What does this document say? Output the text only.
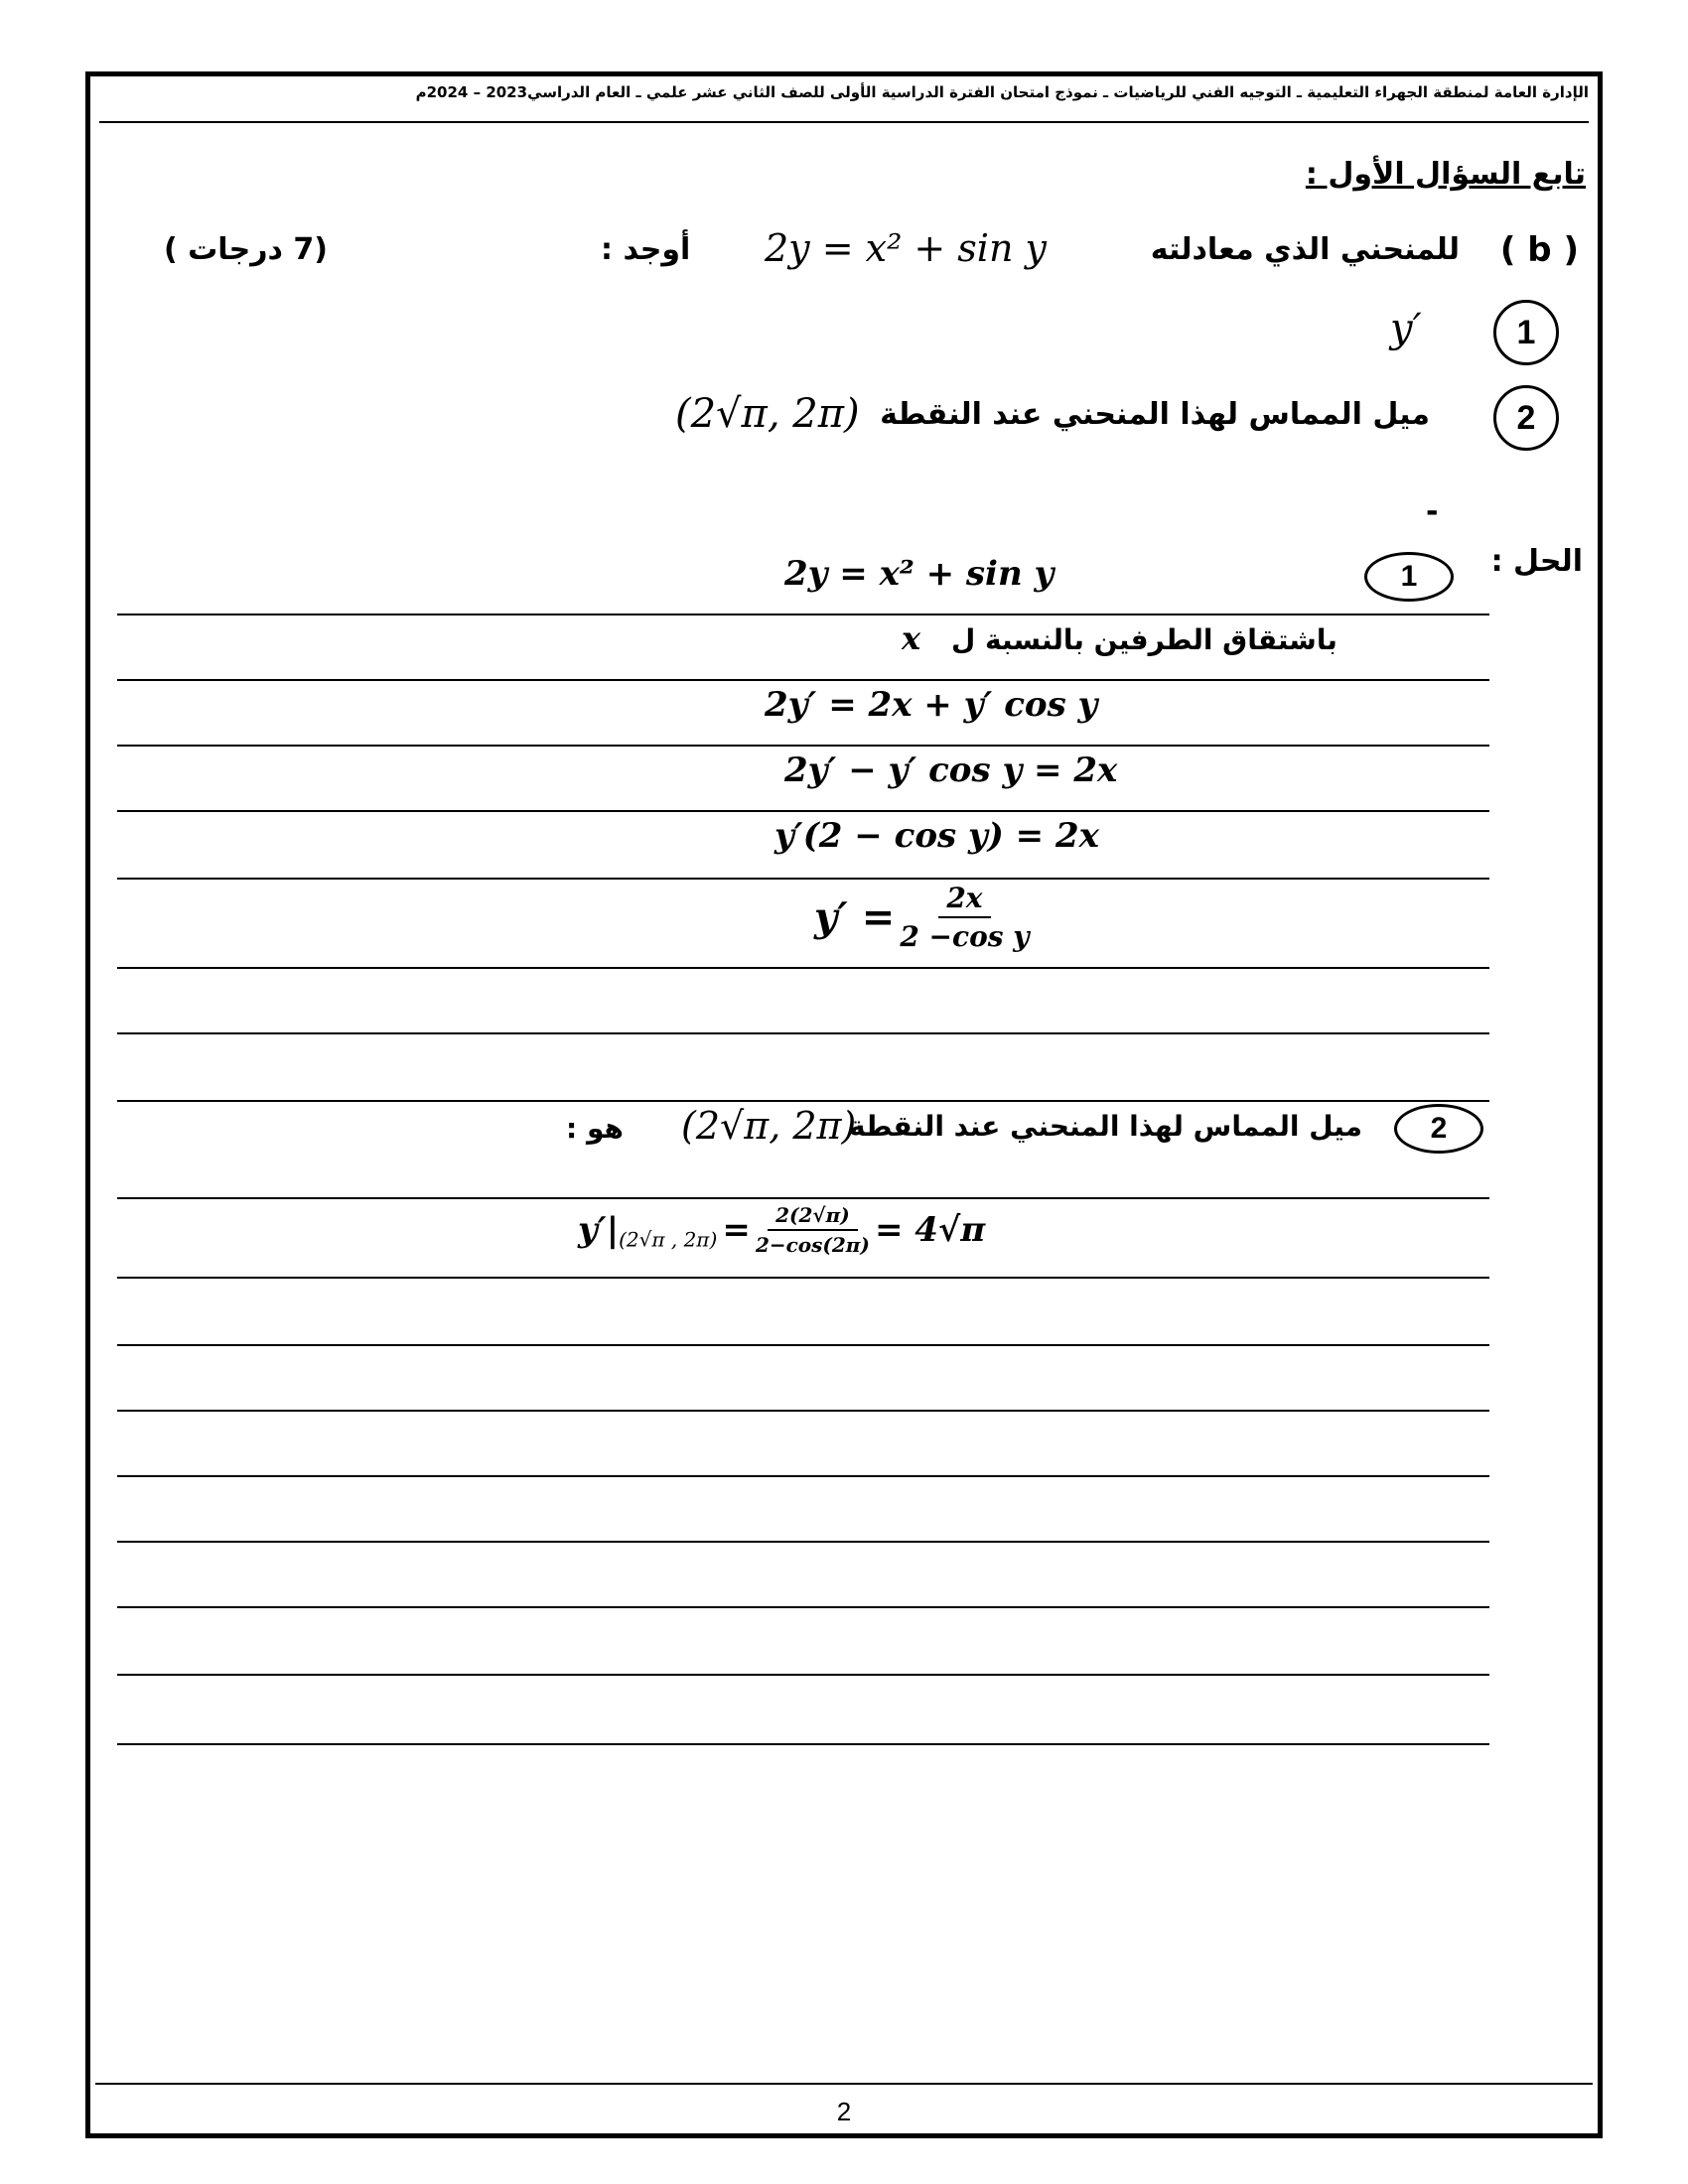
الإدارة العامة لمنطقة الجهراء التعليمية ـ التوجيه الفني للرياضيات ـ نموذج امتحان الفترة الدراسية الأولى للصف الثاني عشر علمي ـ العام الدراسي2023 – 2024م
تابع السؤال الأول :
( b )
للمنحني الذي معادلته
2y = x² + sin y
أوجد :
(7 درجات )
1
y′
2
ميل المماس لهذا المنحني عند النقطة
(2√π, 2π)
-
الحل :
1
2y = x² + sin y
باشتقاق الطرفين بالنسبة ل
x
2y′ = 2x + y′ cos y
2y′ − y′ cos y = 2x
y′(2 − cos y) = 2x
$y' = \frac{2x}{\text{2 −cos y}}$
2
ميل المماس لهذا المنحني عند النقطة
(2√π, 2π)
هو :
y′|(2√π , $2\pi) = \frac{2(2√\pi)}{2-\cos(2\pi)} = 4√\pi$
2
